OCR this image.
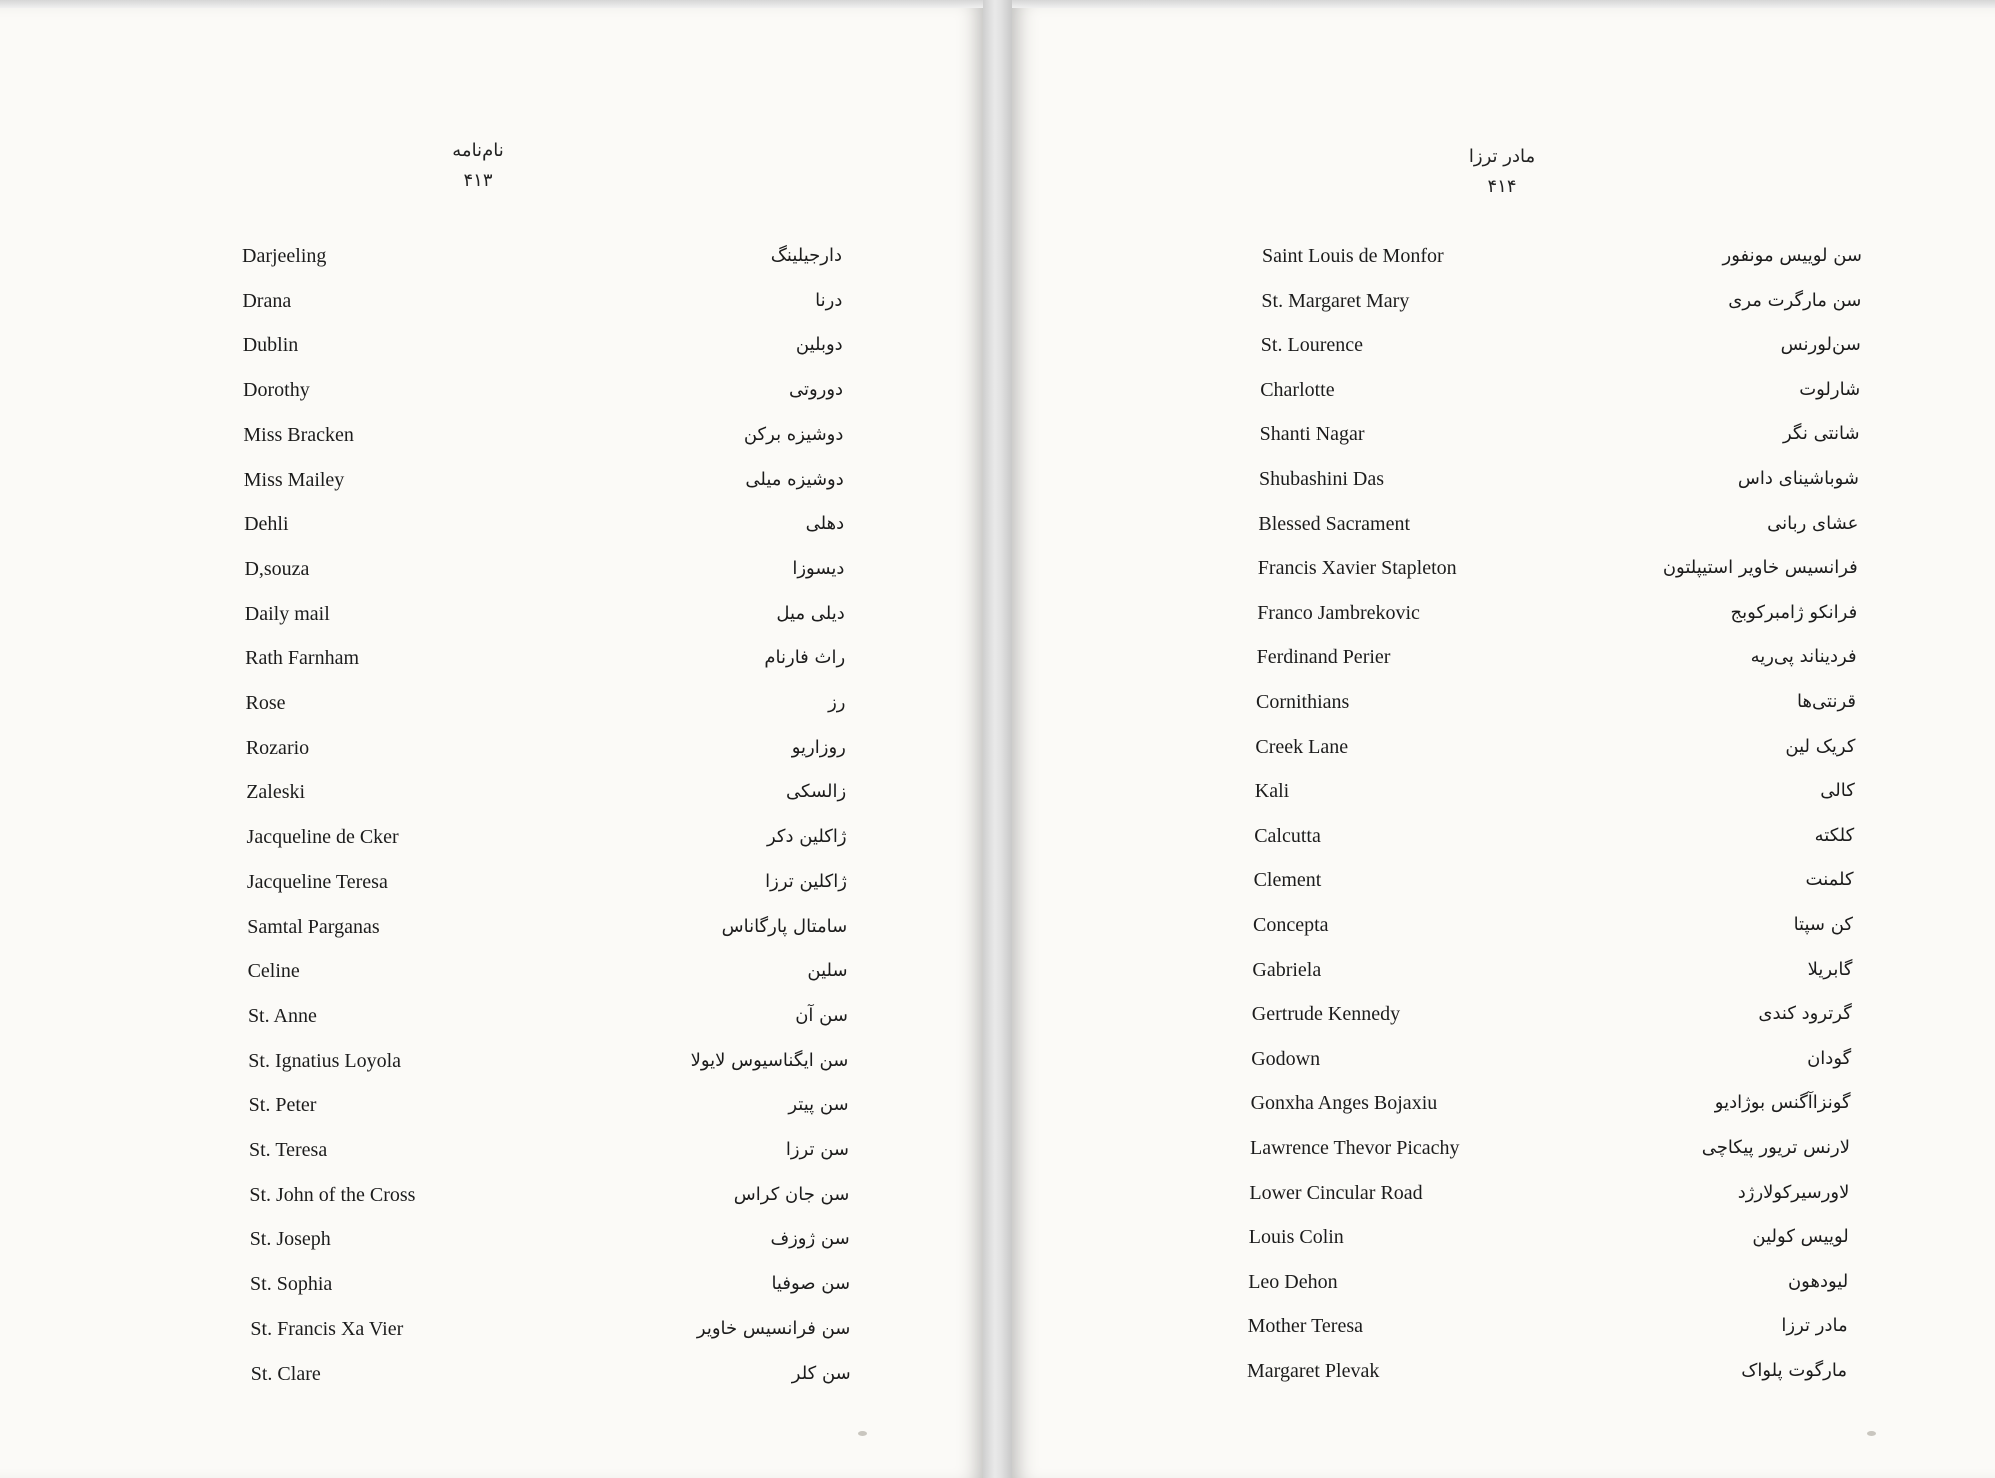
نام‌نامه
۴۱۳
Darjeeling	دارجیلینگ
Drana	درنا
Dublin	دوبلین
Dorothy	دوروتی
Miss Bracken	دوشیزه برکن
Miss Mailey	دوشیزه میلی
Dehli	دهلی
D,souza	دیسوزا
Daily mail	دیلی میل
Rath Farnham	راث فارنام
Rose	رز
Rozario	روزاریو
Zaleski	زالسکی
Jacqueline de Cker	ژاکلین دکر
Jacqueline Teresa	ژاکلین ترزا
Samtal Parganas	سامتال پارگاناس
Celine	سلین
St. Anne	سن آن
St. Ignatius Loyola	سن ایگناسیوس لایولا
St. Peter	سن پیتر
St. Teresa	سن ترزا
St. John of the Cross	سن جان کراس
St. Joseph	سن ژوزف
St. Sophia	سن صوفیا
St. Francis Xa Vier	سن فرانسیس خاویر
St. Clare	سن کلر
مادر ترزا
۴۱۴
Saint Louis de Monfor	سن لوییس مونفور
St. Margaret Mary	سن مارگرت مری
St. Lourence	سن‌لورنس
Charlotte	شارلوت
Shanti Nagar	شانتی نگر
Shubashini Das	شوباشینای داس
Blessed Sacrament	عشای ربانی
Francis Xavier Stapleton	فرانسیس خاویر استیپلتون
Franco Jambrekovic	فرانکو ژامبرکوبج
Ferdinand Perier	فردیناند پی‌ریه
Cornithians	قرنتی‌ها
Creek Lane	کریک لین
Kali	کالی
Calcutta	کلکته
Clement	کلمنت
Concepta	کن سپتا
Gabriela	گابریلا
Gertrude Kennedy	گرترود کندی
Godown	گودان
Gonxha Anges Bojaxiu	گونزاآگنس بوژادیو
Lawrence Thevor Picachy	لارنس تریور پیکاچی
Lower Cincular Road	لاورسیرکولارژد
Louis Colin	لوییس کولین
Leo Dehon	لیودهون
Mother Teresa	مادر ترزا
Margaret Plevak	مارگوت پلواک
